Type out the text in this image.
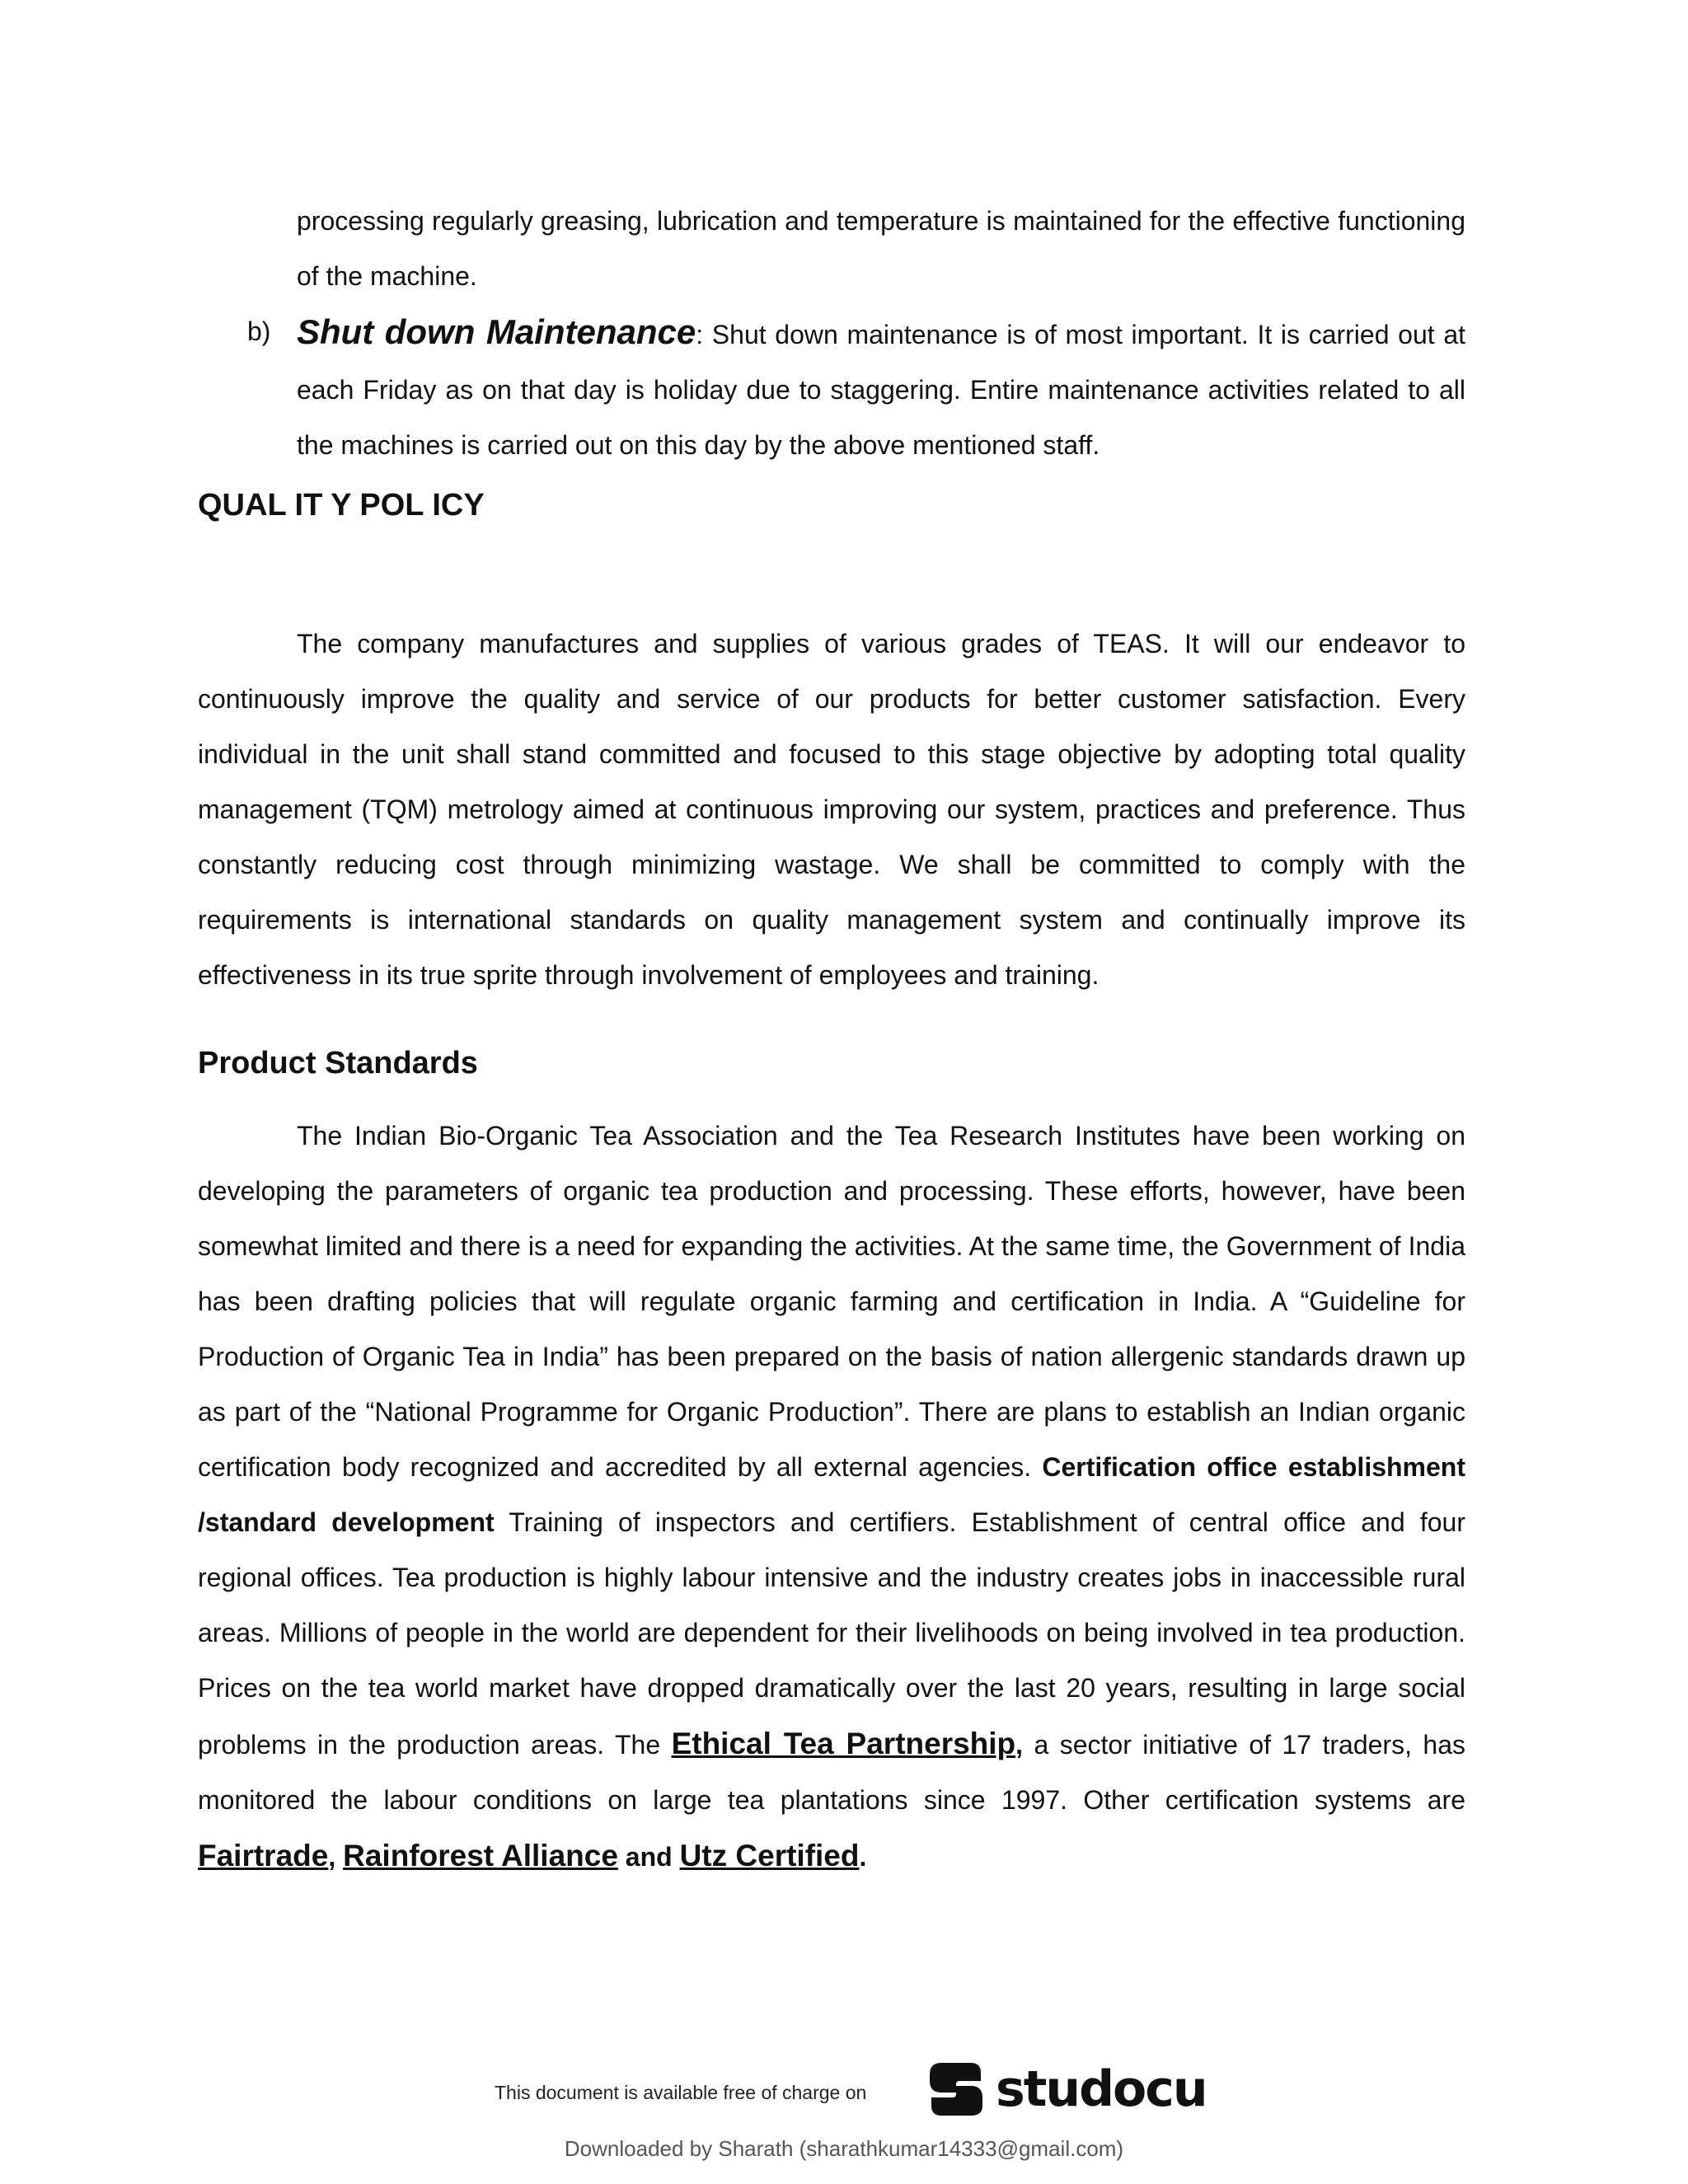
processing regularly greasing, lubrication and temperature is maintained for the effective functioning of the machine.
b) Shut down Maintenance: Shut down maintenance is of most important. It is carried out at each Friday as on that day is holiday due to staggering. Entire maintenance activities related to all the machines is carried out on this day by the above mentioned staff.
QUAL IT Y POL ICY

The company manufactures and supplies of various grades of TEAS. It will our endeavor to continuously improve the quality and service of our products for better customer satisfaction. Every individual in the unit shall stand committed and focused to this stage objective by adopting total quality management (TQM) metrology aimed at continuous improving our system, practices and preference. Thus constantly reducing cost through minimizing wastage. We shall be committed to comply with the requirements is international standards on quality management system and continually improve its effectiveness in its true sprite through involvement of employees and training.

Product Standards

The Indian Bio-Organic Tea Association and the Tea Research Institutes have been working on developing the parameters of organic tea production and processing. These efforts, however, have been somewhat limited and there is a need for expanding the activities. At the same time, the Government of India has been drafting policies that will regulate organic farming and certification in India. A “Guideline for Production of Organic Tea in India” has been prepared on the basis of nation allergenic standards drawn up as part of the “National Programme for Organic Production”. There are plans to establish an Indian organic certification body recognized and accredited by all external agencies. Certification office establishment /standard development Training of inspectors and certifiers. Establishment of central office and four regional offices. Tea production is highly labour intensive and the industry creates jobs in inaccessible rural areas. Millions of people in the world are dependent for their livelihoods on being involved in tea production. Prices on the tea world market have dropped dramatically over the last 20 years, resulting in large social problems in the production areas. The Ethical Tea Partnership, a sector initiative of 17 traders, has monitored the labour conditions on large tea plantations since 1997. Other certification systems are Fairtrade, Rainforest Alliance and Utz Certified.

This document is available free of charge on	studocu
Downloaded by Sharath (sharathkumar14333@gmail.com)
